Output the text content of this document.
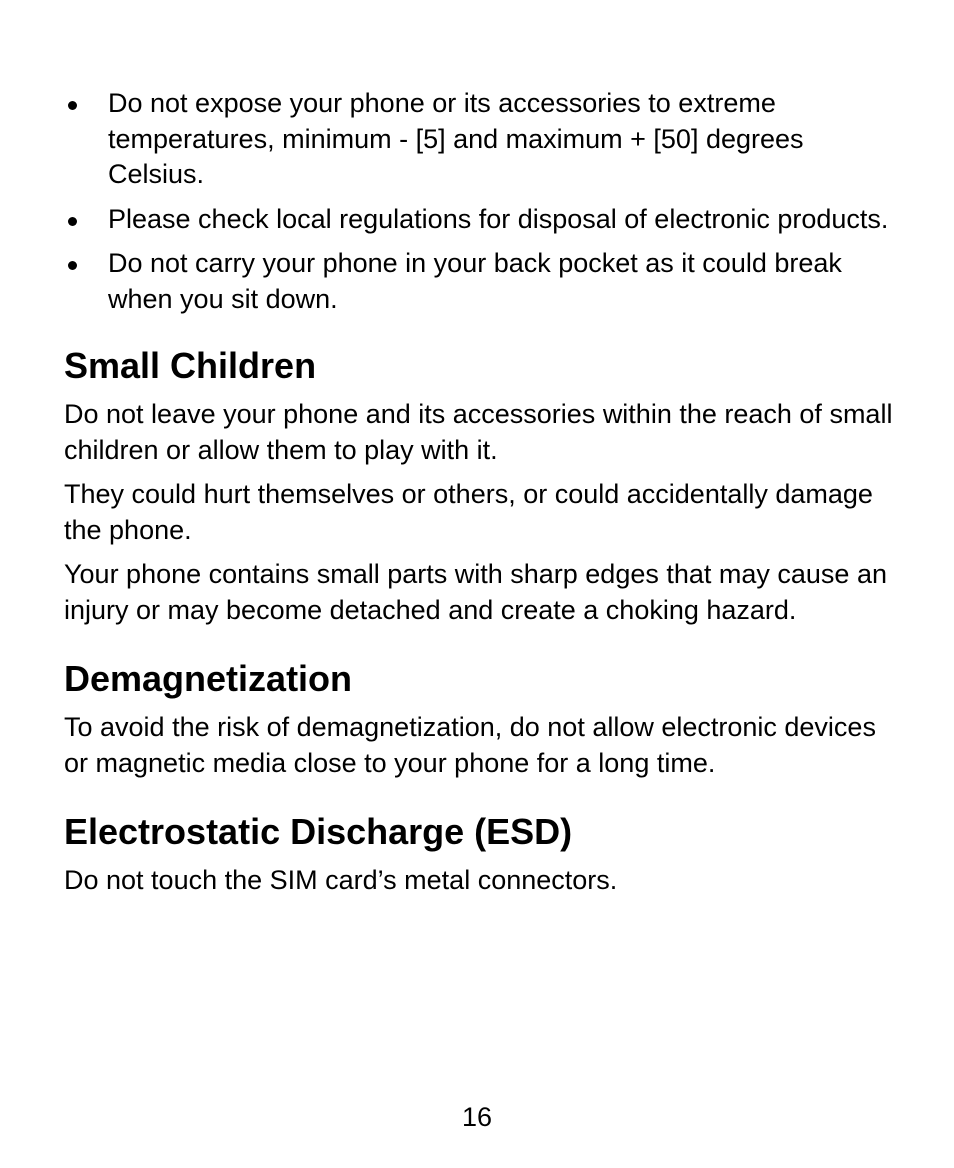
Do not expose your phone or its accessories to extreme temperatures, minimum - [5] and maximum + [50] degrees Celsius.
Please check local regulations for disposal of electronic products.
Do not carry your phone in your back pocket as it could break when you sit down.
Small Children

Do not leave your phone and its accessories within the reach of small children or allow them to play with it.

They could hurt themselves or others, or could accidentally damage the phone.

Your phone contains small parts with sharp edges that may cause an injury or may become detached and create a choking hazard.

Demagnetization

To avoid the risk of demagnetization, do not allow electronic devices or magnetic media close to your phone for a long time.

Electrostatic Discharge (ESD)

Do not touch the SIM card’s metal connectors.

16
